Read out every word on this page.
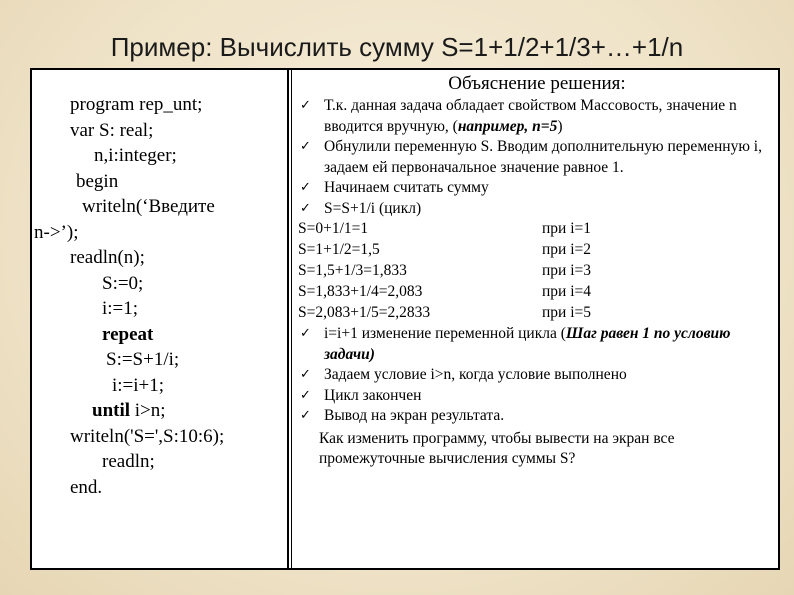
Пример: Вычислить сумму S=1+1/2+1/3+…+1/n
program rep_unt;
var S: real;
n,i:integer;
begin
writeln(‘Введите
n->’);
readln(n);
S:=0;
i:=1;
repeat
S:=S+1/i;
i:=i+1;
until i>n;
writeln('S=',S:10:6);
readln;
end.
Объяснение решения:
✓ Т.к. данная задача обладает свойством Массовость, значение n вводится вручную, (например, n=5)
✓ Обнулили переменную S. Вводим дополнительную переменную i, задаем ей первоначальное значение равное 1.
✓ Начинаем считать сумму
✓ S=S+1/i (цикл)
S=0+1/1=1	при i=1
S=1+1/2=1,5	при i=2
S=1,5+1/3=1,833	при i=3
S=1,833+1/4=2,083	при i=4
S=2,083+1/5=2,2833	при i=5
✓ i=i+1 изменение переменной цикла (Шаг равен 1 по условию задачи)
✓ Задаем условие i>n, когда условие выполнено
✓ Цикл закончен
✓ Вывод на экран результата.
Как изменить программу, чтобы вывести на экран все промежуточные вычисления суммы S?
